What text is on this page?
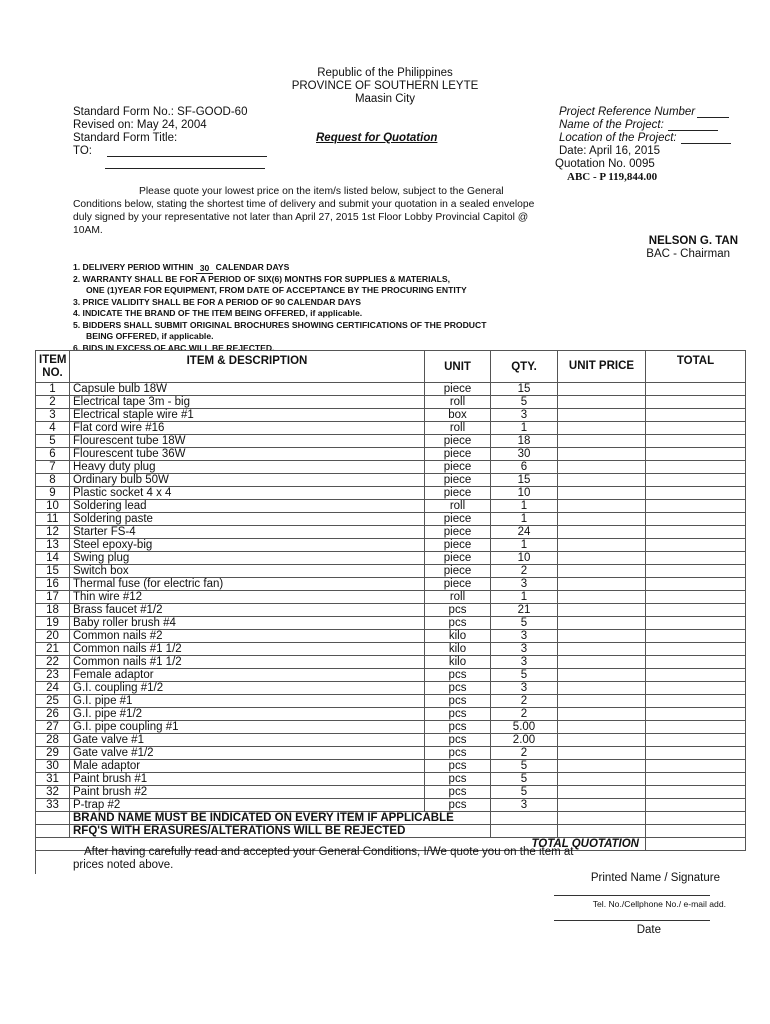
Republic of the Philippines
PROVINCE OF SOUTHERN LEYTE
Maasin City
Standard Form No.: SF-GOOD-60
Revised on: May 24, 2004
Standard Form Title:
TO:
Request for Quotation
Project Reference Number
Name of the Project:
Location of the Project:
Date: April 16, 2015
Quotation No. 0095
ABC - P 119,844.00
Please quote your lowest price on the item/s listed below, subject to the General Conditions below, stating the shortest time of delivery and submit your quotation in a sealed envelope duly signed by your representative not later than April 27, 2015 1st Floor Lobby Provincial Capitol @ 10AM.
NELSON G. TAN
BAC - Chairman
1. DELIVERY PERIOD WITHIN 30 CALENDAR DAYS
2. WARRANTY SHALL BE FOR A PERIOD OF SIX(6) MONTHS FOR SUPPLIES & MATERIALS,
ONE (1)YEAR FOR EQUIPMENT, FROM DATE OF ACCEPTANCE BY THE PROCURING ENTITY
3. PRICE VALIDITY SHALL BE FOR A PERIOD OF 90 CALENDAR DAYS
4. INDICATE THE BRAND OF THE ITEM BEING OFFERED, if applicable.
5. BIDDERS SHALL SUBMIT ORIGINAL BROCHURES SHOWING CERTIFICATIONS OF THE PRODUCT
BEING OFFERED, if applicable.
6. BIDS IN EXCESS OF ABC WILL BE REJECTED.
ITEM NO.	ITEM & DESCRIPTION	UNIT	QTY.	UNIT PRICE	TOTAL
1	Capsule bulb 18W	piece	15		
2	Electrical tape 3m - big	roll	5		
3	Electrical staple wire #1	box	3		
4	Flat cord wire #16	roll	1		
5	Flourescent tube 18W	piece	18		
6	Flourescent tube 36W	piece	30		
7	Heavy duty plug	piece	6		
8	Ordinary bulb 50W	piece	15		
9	Plastic socket 4 x 4	piece	10		
10	Soldering lead	roll	1		
11	Soldering paste	piece	1		
12	Starter FS-4	piece	24		
13	Steel epoxy-big	piece	1		
14	Swing plug	piece	10		
15	Switch box	piece	2		
16	Thermal fuse (for electric fan)	piece	3		
17	Thin wire #12	roll	1		
18	Brass faucet #1/2	pcs	21		
19	Baby roller brush #4	pcs	5		
20	Common nails #2	kilo	3		
21	Common nails #1 1/2	kilo	3		
22	Common nails #1 1/2	kilo	3		
23	Female adaptor	pcs	5		
24	G.I. coupling #1/2	pcs	3		
25	G.I. pipe #1	pcs	2		
26	G.I. pipe #1/2	pcs	2		
27	G.I. pipe coupling #1	pcs	5.00		
28	Gate valve #1	pcs	2.00		
29	Gate valve #1/2	pcs	2		
30	Male adaptor	pcs	5		
31	Paint brush #1	pcs	5		
32	Paint brush #2	pcs	5		
33	P-trap #2	pcs	3		
	BRAND NAME MUST BE INDICATED ON EVERY ITEM IF APPLICABLE				
	RFQ'S WITH ERASURES/ALTERATIONS WILL BE REJECTED				
TOTAL QUOTATION					
After having carefully read and accepted your General Conditions, I/We quote you on the item at prices noted above.
Printed Name / Signature
Tel. No./Cellphone No./ e-mail add.
Date
